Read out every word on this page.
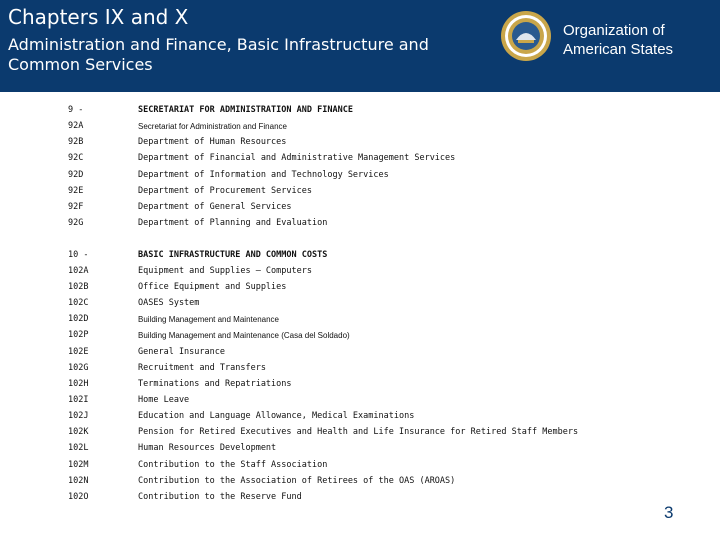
Chapters IX and X
Administration and Finance, Basic Infrastructure and Common Services
Organization of
American States
9 -	SECRETARIAT FOR ADMINISTRATION AND FINANCE
92A	Secretariat for Administration and Finance
92B	Department of Human Resources
92C	Department of Financial and Administrative Management Services
92D	Department of Information and Technology Services
92E	Department of Procurement Services
92F	Department of General Services
92G	Department of Planning and Evaluation
10 -	BASIC INFRASTRUCTURE AND COMMON COSTS
102A	Equipment and Supplies – Computers
102B	Office Equipment and Supplies
102C	OASES System
102D	Building Management and Maintenance
102P	Building Management and Maintenance (Casa del Soldado)
102E	General Insurance
102G	Recruitment and Transfers
102H	Terminations and Repatriations
102I	Home Leave
102J	Education and Language Allowance, Medical Examinations
102K	Pension for Retired Executives and Health and Life Insurance for Retired Staff Members
102L	Human Resources Development
102M	Contribution to the Staff Association
102N	Contribution to the Association of Retirees of the OAS (AROAS)
102O	Contribution to the Reserve Fund
3
